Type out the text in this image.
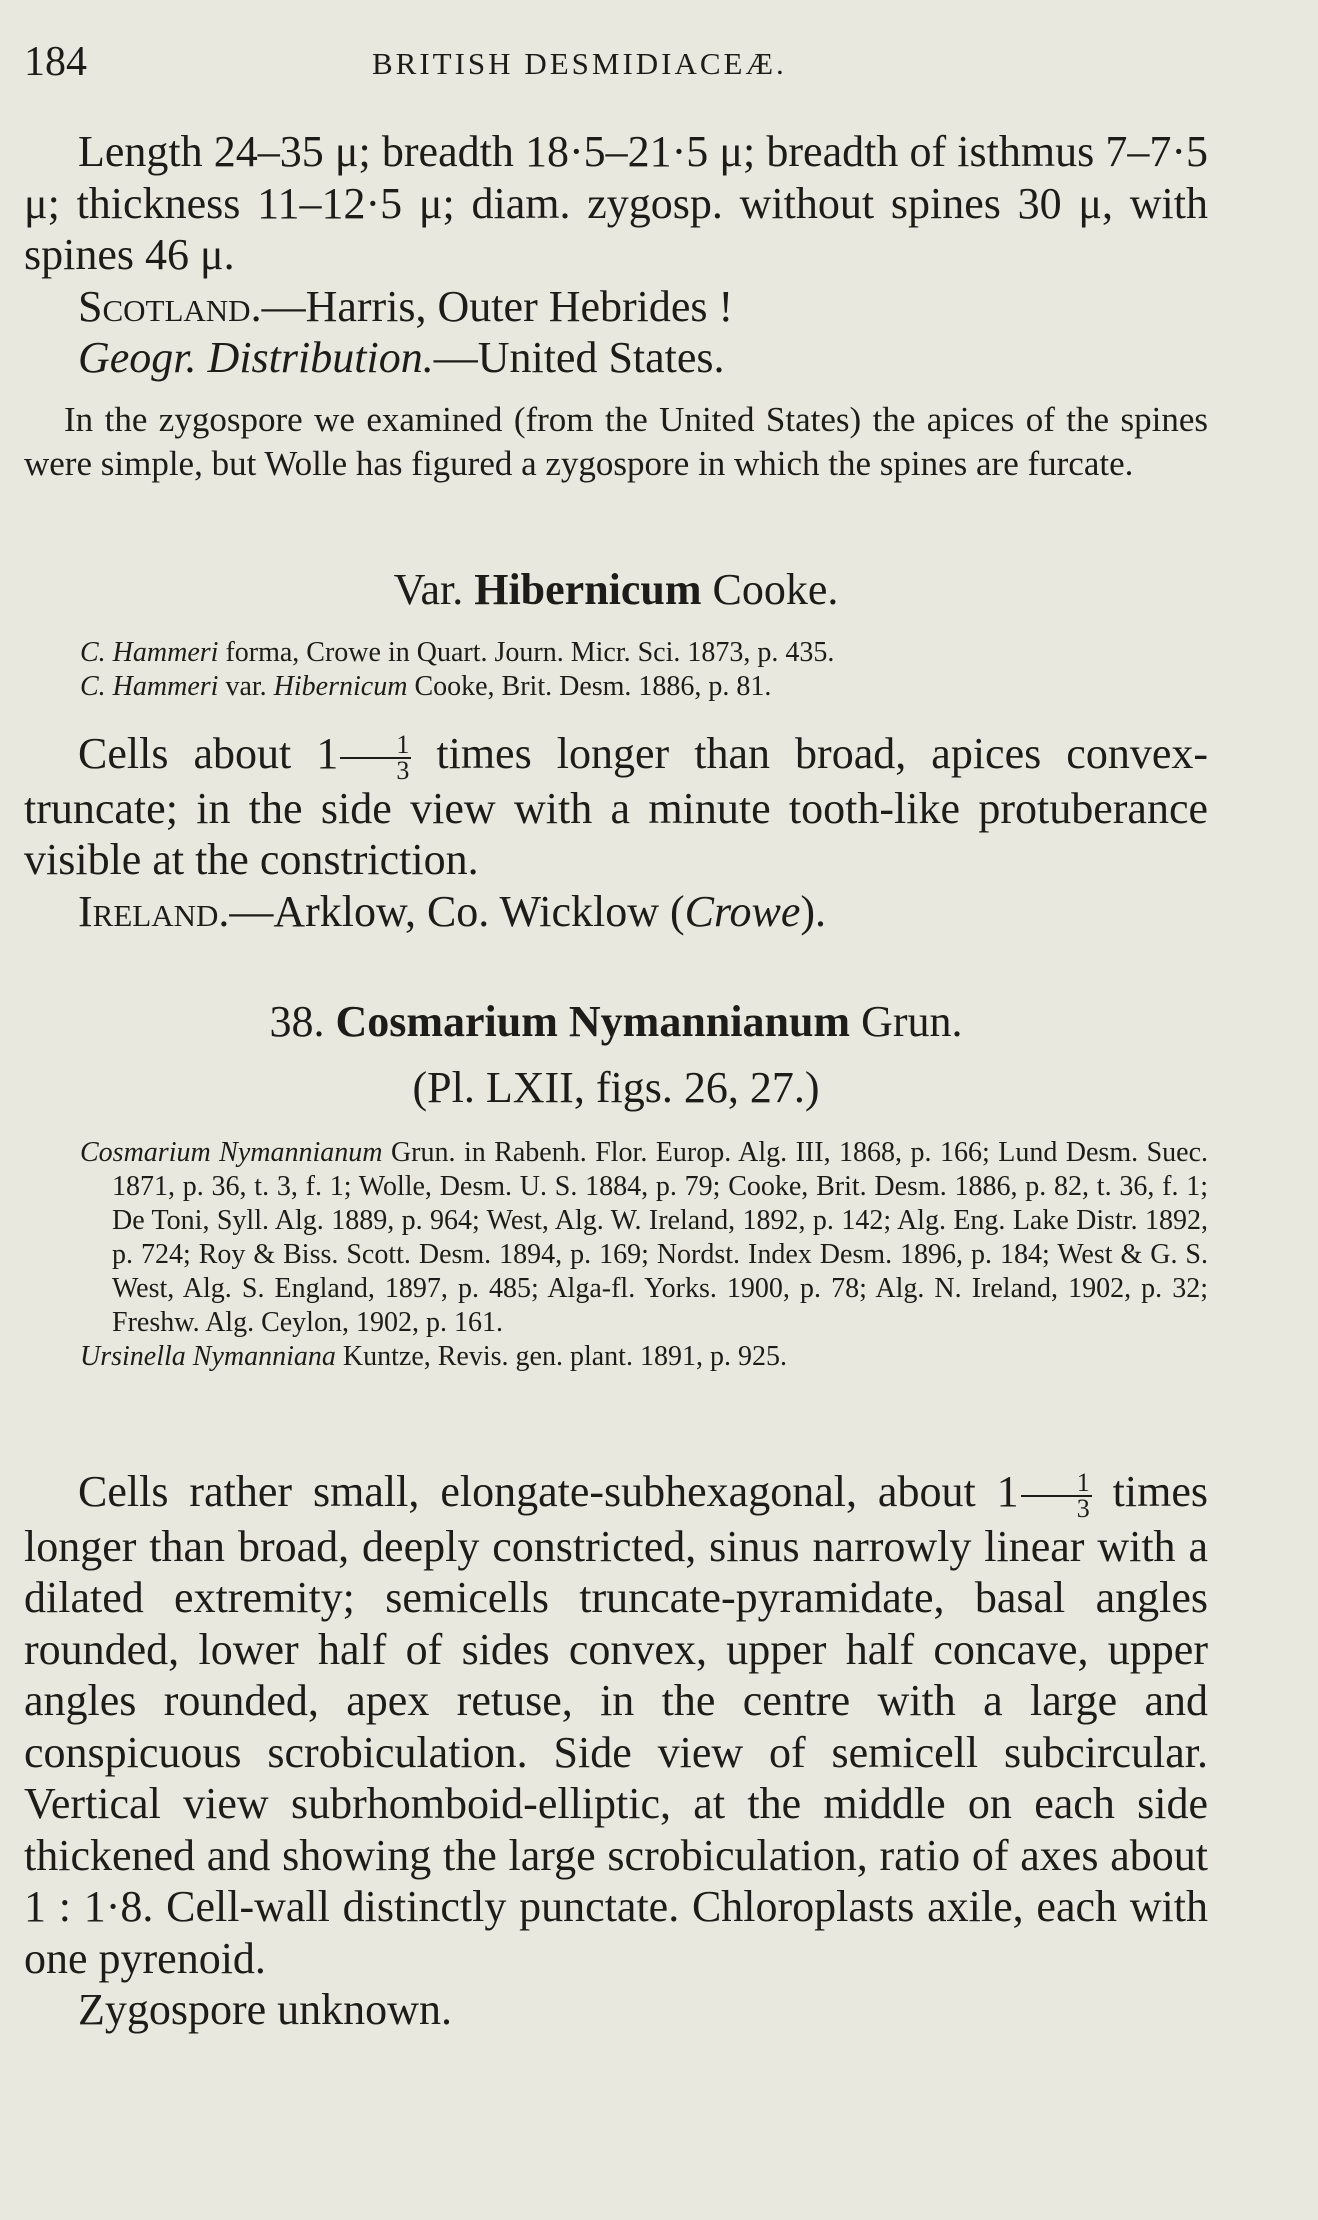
184	BRITISH DESMIDIACEÆ.

Length 24–35 μ; breadth 18·5–21·5 μ; breadth of isthmus 7–7·5 μ; thickness 11–12·5 μ; diam. zygosp. without spines 30 μ, with spines 46 μ.

Scotland.—Harris, Outer Hebrides !

Geogr. Distribution.—United States.

In the zygospore we examined (from the United States) the apices of the spines were simple, but Wolle has figured a zygospore in which the spines are furcate.
Var. Hibernicum Cooke.

C. Hammeri forma, Crowe in Quart. Journ. Micr. Sci. 1873, p. 435.

C. Hammeri var. Hibernicum Cooke, Brit. Desm. 1886, p. 81.

Cells about $1 \frac{1}{3}$ times longer than broad, apices convex-truncate; in the side view with a minute tooth-like protuberance visible at the constriction.

Ireland.—Arklow, Co. Wicklow (Crowe).

38. Cosmarium Nymannianum Grun.
(Pl. LXII, figs. 26, 27.)

Cosmarium Nymannianum Grun. in Rabenh. Flor. Europ. Alg. III, 1868, p. 166; Lund Desm. Suec. 1871, p. 36, t. 3, f. 1; Wolle, Desm. U. S. 1884, p. 79; Cooke, Brit. Desm. 1886, p. 82, t. 36, f. 1; De Toni, Syll. Alg. 1889, p. 964; West, Alg. W. Ireland, 1892, p. 142; Alg. Eng. Lake Distr. 1892, p. 724; Roy & Biss. Scott. Desm. 1894, p. 169; Nordst. Index Desm. 1896, p. 184; West & G. S. West, Alg. S. England, 1897, p. 485; Alga-fl. Yorks. 1900, p. 78; Alg. N. Ireland, 1902, p. 32; Freshw. Alg. Ceylon, 1902, p. 161.

Ursinella Nymanniana Kuntze, Revis. gen. plant. 1891, p. 925.

Cells rather small, elongate-subhexagonal, about $1 \frac{1}{3}$ times longer than broad, deeply constricted, sinus narrowly linear with a dilated extremity; semicells truncate-pyramidate, basal angles rounded, lower half of sides convex, upper half concave, upper angles rounded, apex retuse, in the centre with a large and conspicuous scrobiculation. Side view of semicell subcircular. Vertical view subrhomboid-elliptic, at the middle on each side thickened and showing the large scrobiculation, ratio of axes about 1 : 1·8. Cell-wall distinctly punctate. Chloroplasts axile, each with one pyrenoid.

Zygospore unknown.
